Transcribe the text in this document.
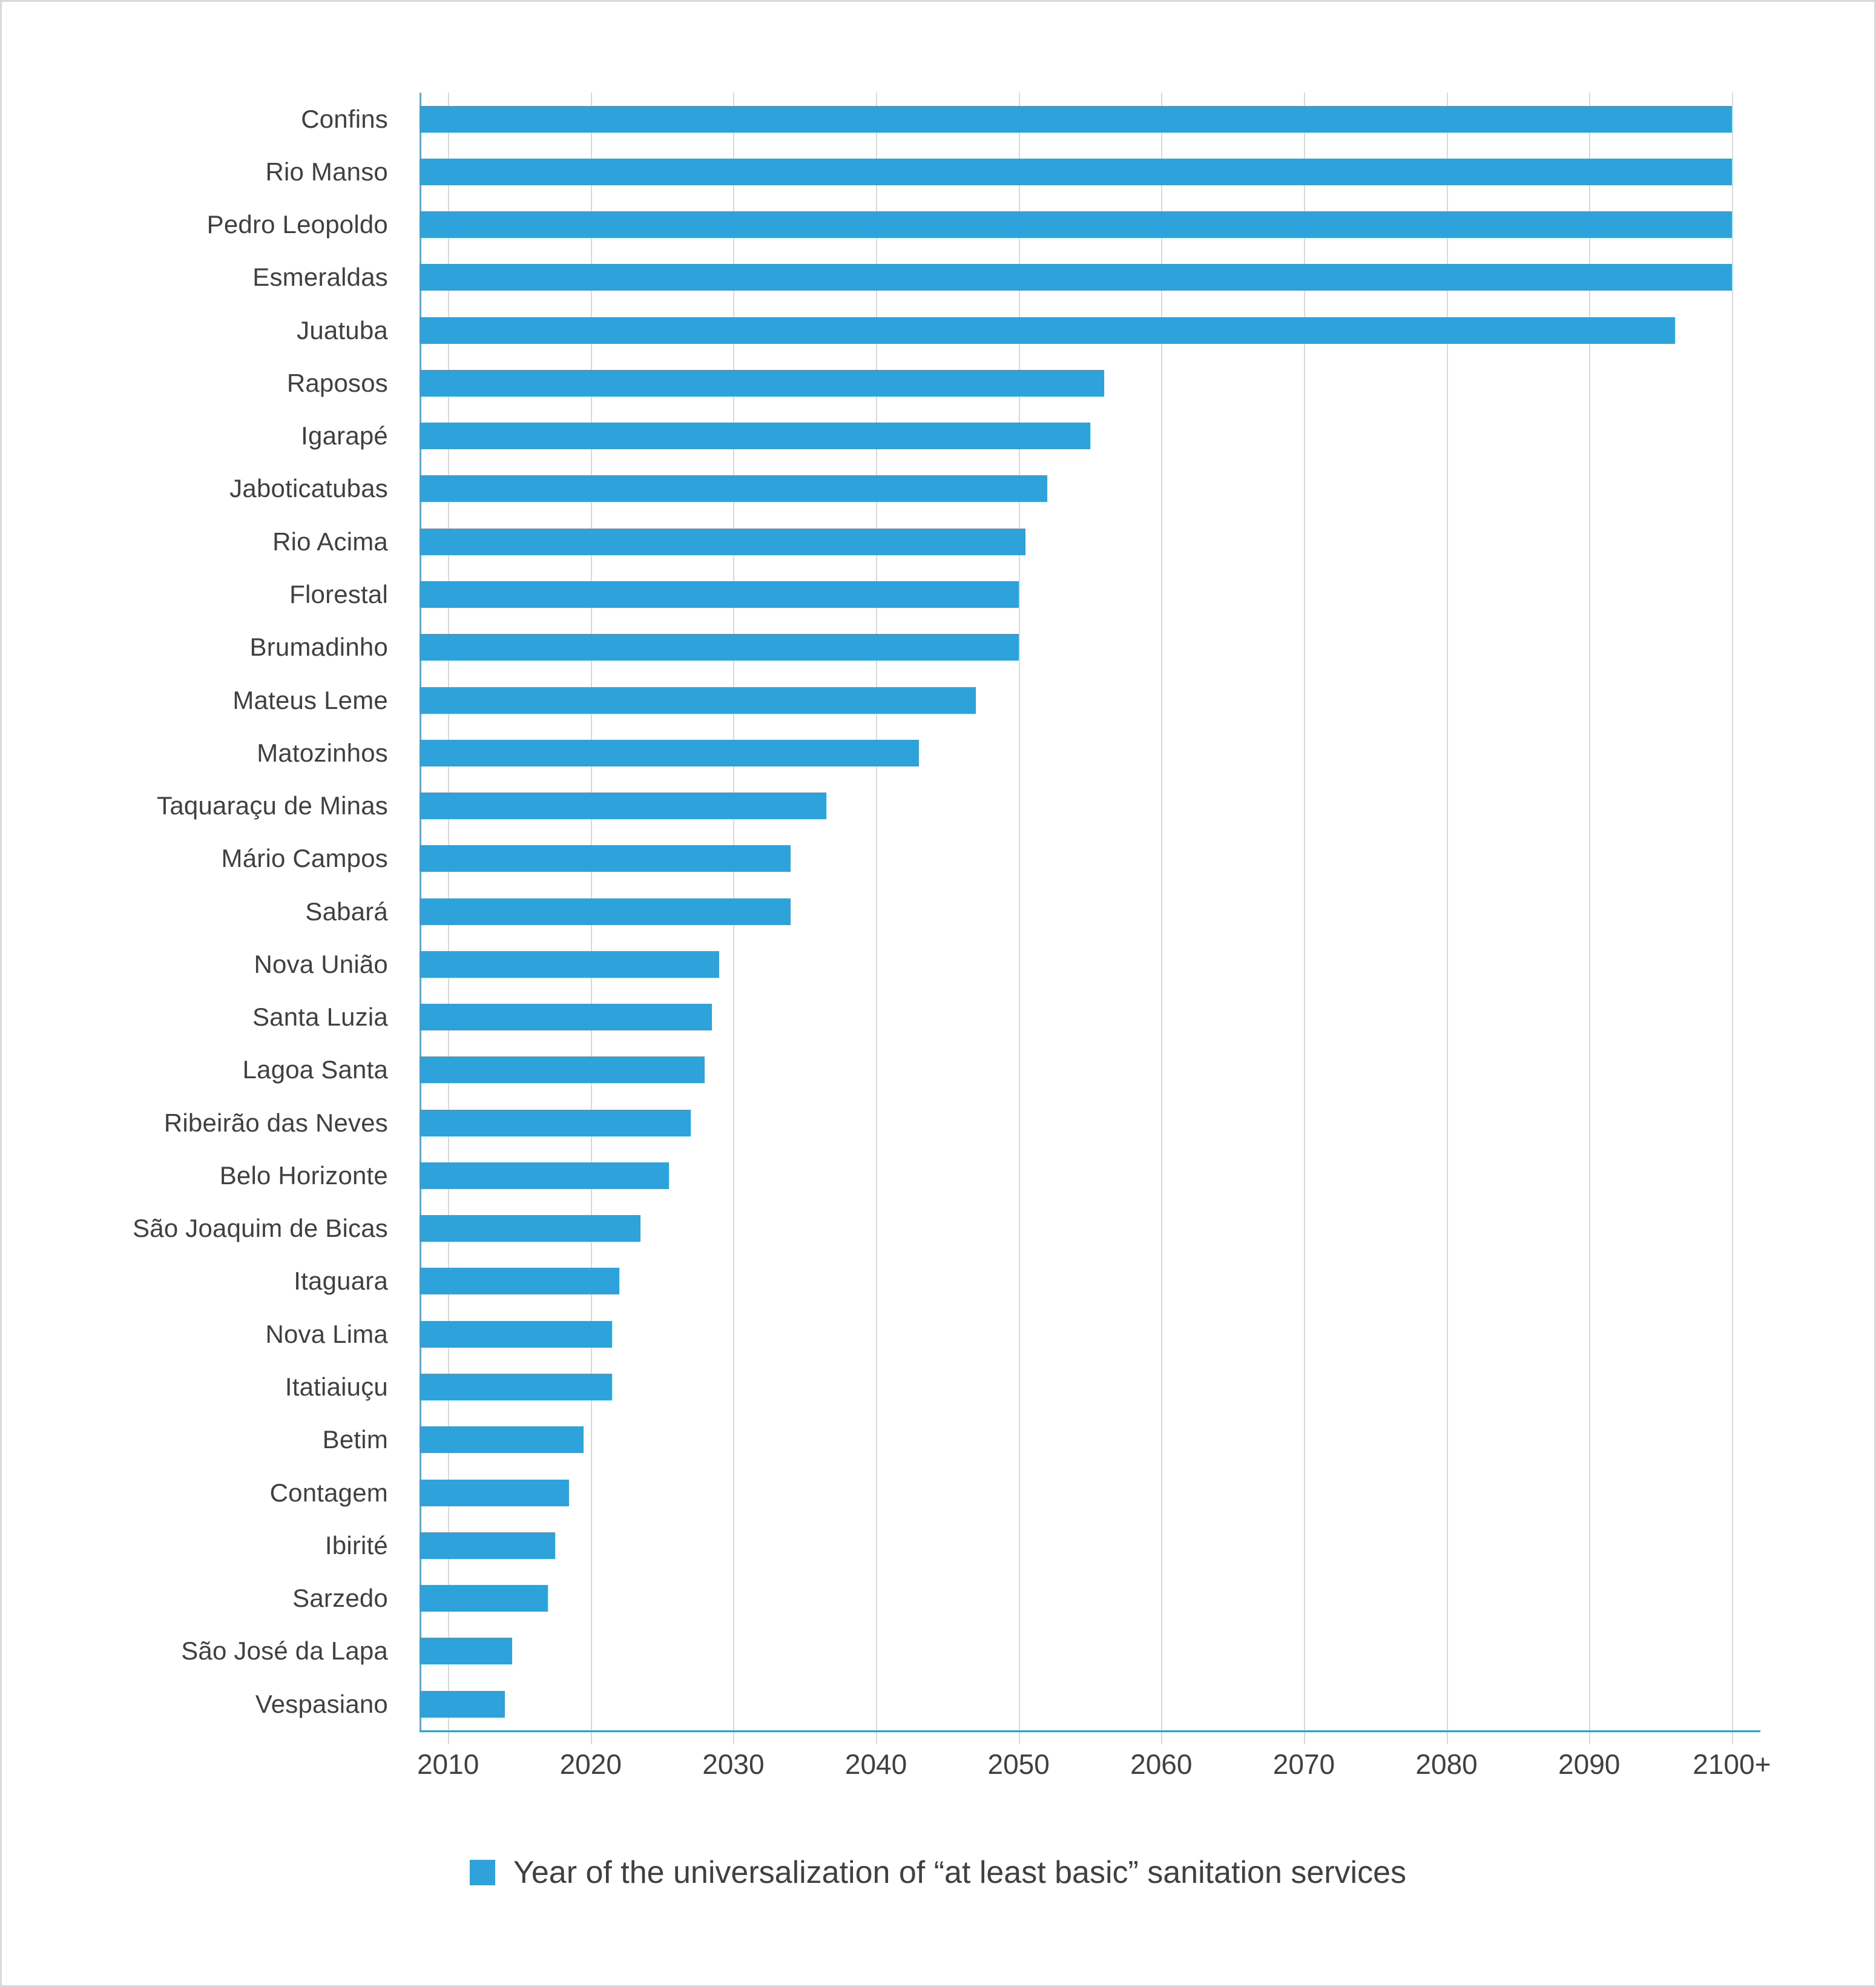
Confins
Rio Manso
Pedro Leopoldo
Esmeraldas
Juatuba
Raposos
Igarapé
Jaboticatubas
Rio Acima
Florestal
Brumadinho
Mateus Leme
Matozinhos
Taquaraçu de Minas
Mário Campos
Sabará
Nova União
Santa Luzia
Lagoa Santa
Ribeirão das Neves
Belo Horizonte
São Joaquim de Bicas
Itaguara
Nova Lima
Itatiaiuçu
Betim
Contagem
Ibirité
Sarzedo
São José da Lapa
Vespasiano
2010	2020	2030	2040	2050	2060	2070	2080	2090	2100+
Year of the universalization of “at least basic” sanitation services
